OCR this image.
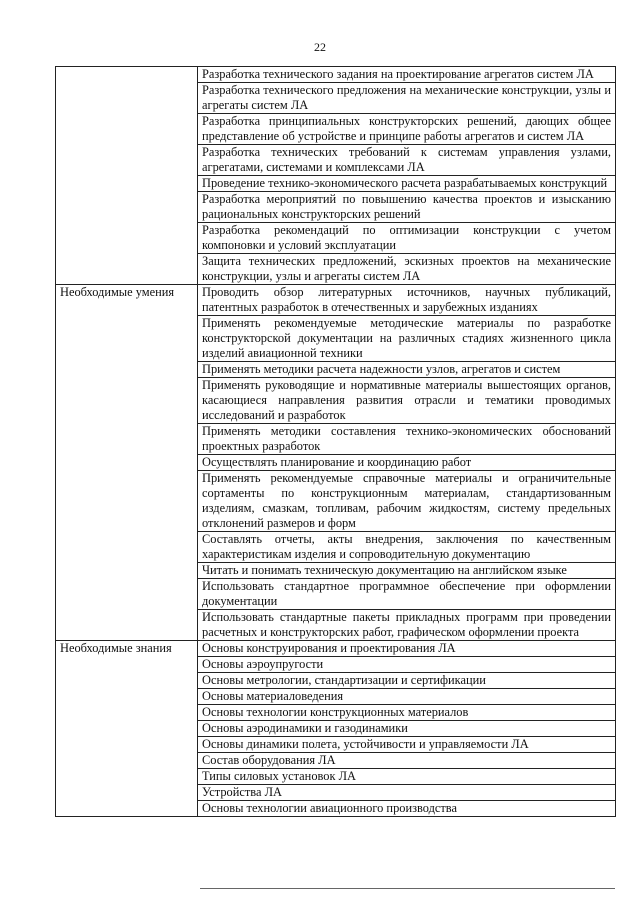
22
	Разработка технического задания на проектирование агрегатов систем ЛА
	Разработка технического предложения на механические конструкции, узлы и агрегаты систем ЛА
	Разработка принципиальных конструкторских решений, дающих общее представление об устройстве и принципе работы агрегатов и систем ЛА
	Разработка технических требований к системам управления узлами, агрегатами, системами и комплексами ЛА
	Проведение технико-экономического расчета разрабатываемых конструкций
	Разработка мероприятий по повышению качества проектов и изысканию рациональных конструкторских решений
	Разработка рекомендаций по оптимизации конструкции с учетом компоновки и условий эксплуатации
	Защита технических предложений, эскизных проектов на механические конструкции, узлы и агрегаты систем ЛА
Необходимые умения	Проводить обзор литературных источников, научных публикаций, патентных разработок в отечественных и зарубежных изданиях
	Применять рекомендуемые методические материалы по разработке конструкторской документации на различных стадиях жизненного цикла изделий авиационной техники
	Применять методики расчета надежности узлов, агрегатов и систем
	Применять руководящие и нормативные материалы вышестоящих органов, касающиеся направления развития отрасли и тематики проводимых исследований и разработок
	Применять методики составления технико-экономических обоснований проектных разработок
	Осуществлять планирование и координацию работ
	Применять рекомендуемые справочные материалы и ограничительные сортаменты по конструкционным материалам, стандартизованным изделиям, смазкам, топливам, рабочим жидкостям, систему предельных отклонений размеров и форм
	Составлять отчеты, акты внедрения, заключения по качественным характеристикам изделия и сопроводительную документацию
	Читать и понимать техническую документацию на английском языке
	Использовать стандартное программное обеспечение при оформлении документации
	Использовать стандартные пакеты прикладных программ при проведении расчетных и конструкторских работ, графическом оформлении проекта
Необходимые знания	Основы конструирования и проектирования ЛА
	Основы аэроупругости
	Основы метрологии, стандартизации и сертификации
	Основы материаловедения
	Основы технологии конструкционных материалов
	Основы аэродинамики и газодинамики
	Основы динамики полета, устойчивости и управляемости ЛА
	Состав оборудования ЛА
	Типы силовых установок ЛА
	Устройства ЛА
	Основы технологии авиационного производства
